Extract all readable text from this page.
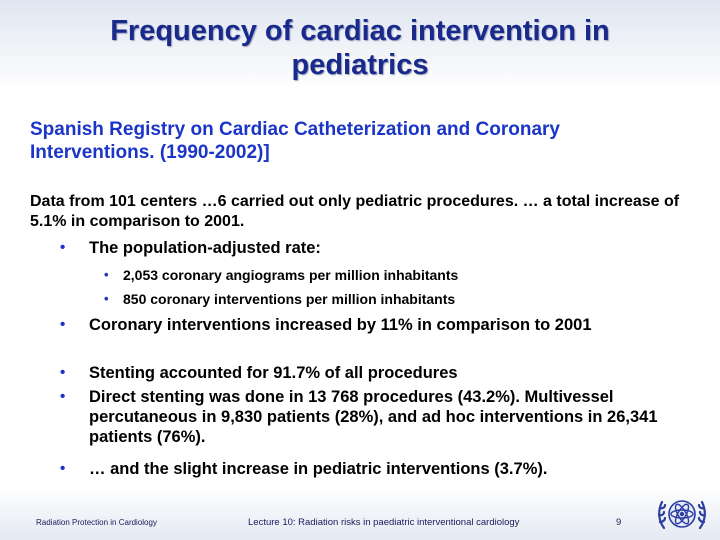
Frequency of cardiac intervention in pediatrics
Spanish Registry on Cardiac Catheterization and Coronary Interventions. (1990-2002)]
Data from 101 centers …6 carried out only pediatric procedures. … a total increase of 5.1% in comparison to 2001.
• The population-adjusted rate:
• 2,053 coronary angiograms per million inhabitants
• 850 coronary interventions per million inhabitants
• Coronary interventions increased by 11% in comparison to 2001
• Stenting accounted for 91.7% of all procedures
• Direct stenting was done in 13 768 procedures (43.2%). Multivessel percutaneous in 9,830 patients (28%), and ad hoc interventions in 26,341 patients (76%).
• … and the slight increase in pediatric interventions (3.7%).
Radiation Protection in Cardiology	Lecture 10: Radiation risks in paediatric interventional cardiology	9
